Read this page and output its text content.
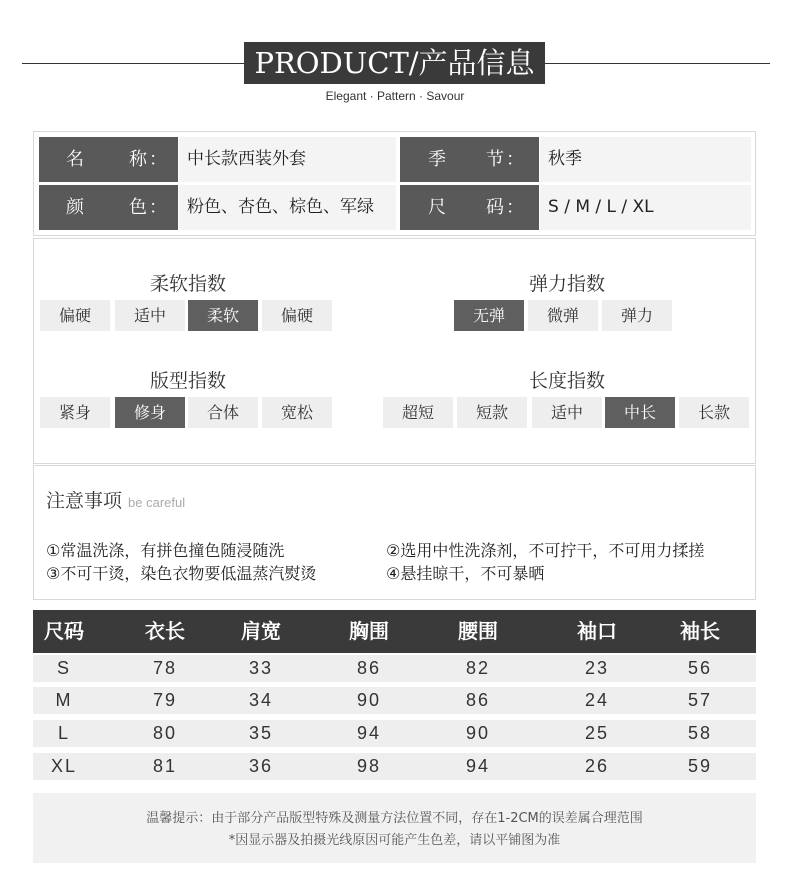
PRODUCT/产品信息
Elegant · Pattern · Savour
名	称 ：	中长款西装外套	季 节 ：	秋季
颜	色 ：	粉色、杏色、棕色、军绿	尺 码 ：	S / M / L / XL
柔软指数
偏硬	适中	柔软	偏硬
弹力指数
无弹	微弹	弹力
版型指数
紧身	修身	合体	宽松
长度指数
超短	短款	适中	中长	长款
注意事项 be careful
①常温洗涤，有拼色撞色随浸随洗	②选用中性洗涤剂，不可拧干，不可用力揉搓
③不可干烫，染色衣物要低温蒸汽熨烫	④悬挂晾干，不可暴晒
尺码	衣长	肩宽	胸围	腰围	袖口	袖长
S	78	33	86	82	23	56
M	79	34	90	86	24	57
L	80	35	94	90	25	58
XL	81	36	98	94	26	59
温馨提示：由于部分产品版型特殊及测量方法位置不同，存在1-2CM的误差属合理范围
*因显示器及拍摄光线原因可能产生色差，请以平铺图为准
